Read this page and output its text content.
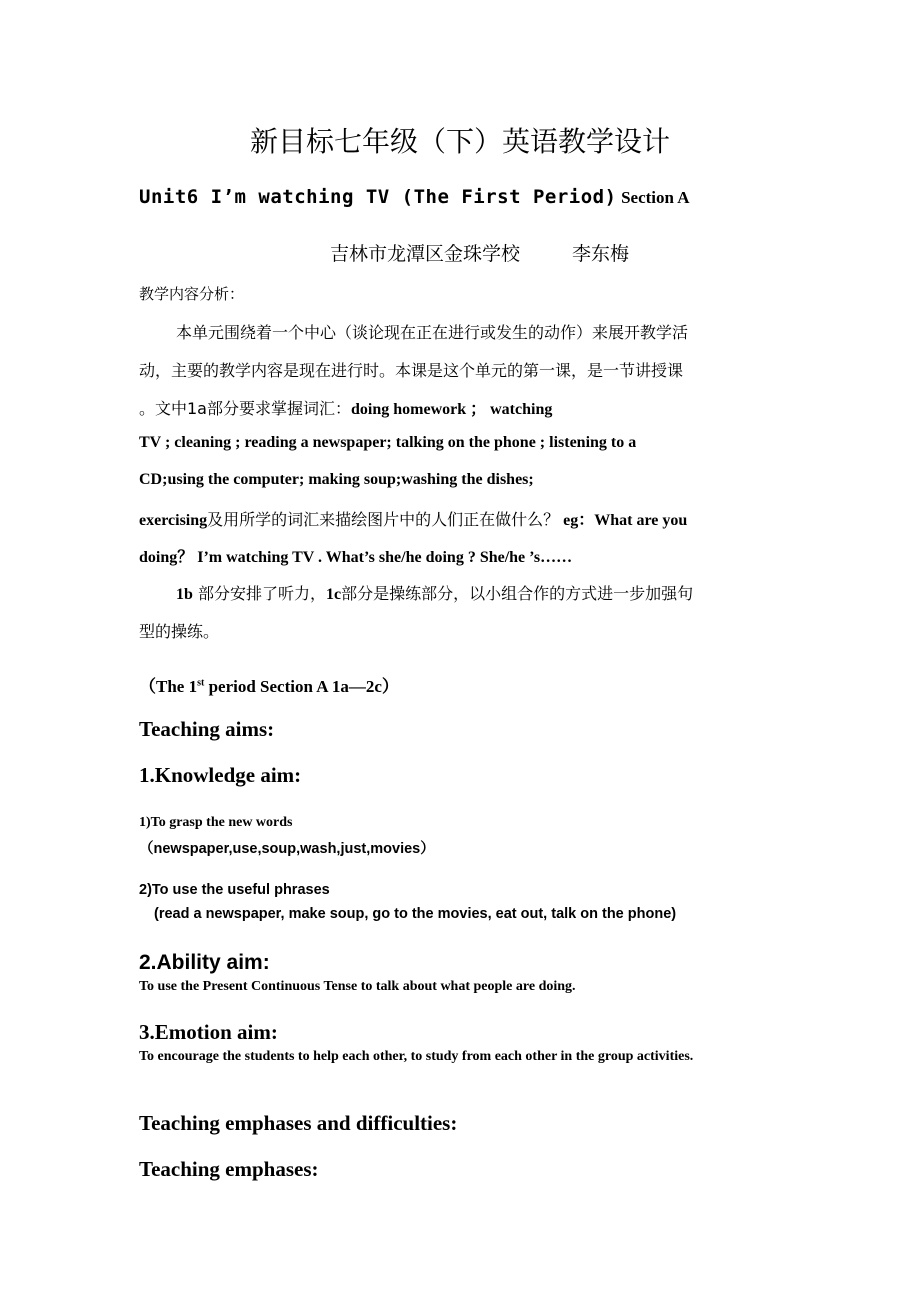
新目标七年级（下）英语教学设计
Unit6 I’m watching TV (The First Period) Section A
吉林市龙潭区金珠学校	李东梅
教学内容分析：
本单元围绕着一个中心（谈论现在正在进行或发生的动作）来展开教学活
动，主要的教学内容是现在进行时。本课是这个单元的第一课，是一节讲授课
。文中1a部分要求掌握词汇：doing homework ； watching
TV ; cleaning ; reading a newspaper; talking on the phone ; listening to a
CD;using the computer; making soup;washing the dishes;
exercising及用所学的词汇来描绘图片中的人们正在做什么？ eg：What are you
doing？ I’m watching TV . What’s she/he doing ? She/he ’s……
1b 部分安排了听力，1c部分是操练部分，以小组合作的方式进一步加强句
型的操练。
（The 1st period Section A 1a—2c）
Teaching aims:
1.Knowledge aim:
1)To grasp the new words
（newspaper,use,soup,wash,just,movies）
2)To use the useful phrases
(read a newspaper, make soup, go to the movies, eat out, talk on the phone)
2.Ability aim:
To use the Present Continuous Tense to talk about what people are doing.
3.Emotion aim:
To encourage the students to help each other, to study from each other in the group activities.
Teaching emphases and difficulties:
Teaching emphases:
